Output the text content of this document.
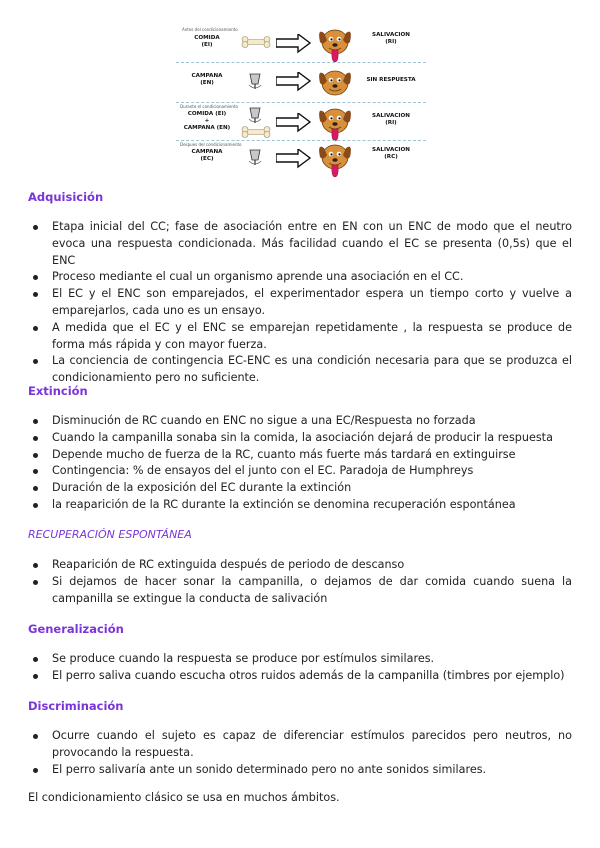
Antes del condicionamiento
COMIDA
(EI)
SALIVACION
(RI)
CAMPANA
(EN)	SIN RESPUESTA
Durante el condicionamiento
COMIDA (EI)
+
CAMPANA (EN)
SALIVACION
(RI)
Despues del condicionamiento
CAMPANA
(EC)
SALIVACION
(RC)
Adquisición
Etapa inicial del CC; fase de asociación entre en EN con un ENC de modo que el neutro evoca una respuesta condicionada. Más facilidad cuando el EC se presenta (0,5s) que el ENC
Proceso mediante el cual un organismo aprende una asociación en el CC.
El EC y el ENC son emparejados, el experimentador espera un tiempo corto y vuelve a emparejarlos, cada uno es un ensayo.
A medida que el EC y el ENC se emparejan repetidamente , la respuesta se produce de forma más rápida y con mayor fuerza.
La conciencia de contingencia EC-ENC es una condición necesaria para que se produzca el condicionamiento pero no suficiente.
Extinción
Disminución de RC cuando en ENC no sigue a una EC/Respuesta no forzada
Cuando la campanilla sonaba sin la comida, la asociación dejará de producir la respuesta
Depende mucho de fuerza de la RC, cuanto más fuerte más tardará en extinguirse
Contingencia: % de ensayos del el junto con el EC. Paradoja de Humphreys
Duración de la exposición del EC durante la extinción
la reaparición de la RC durante la extinción se denomina recuperación espontánea
RECUPERACIÓN ESPONTÁNEA
Reaparición de RC extinguida después de periodo de descanso
Si dejamos de hacer sonar la campanilla, o dejamos de dar comida cuando suena la campanilla se extingue la conducta de salivación
Generalización
Se produce cuando la respuesta se produce por estímulos similares.
El perro saliva cuando escucha otros ruidos además de la campanilla (timbres por ejemplo)
Discriminación
Ocurre cuando el sujeto es capaz de diferenciar estímulos parecidos pero neutros, no provocando la respuesta.
El perro salivaría ante un sonido determinado pero no ante sonidos similares.

El condicionamiento clásico se usa en muchos ámbitos.
